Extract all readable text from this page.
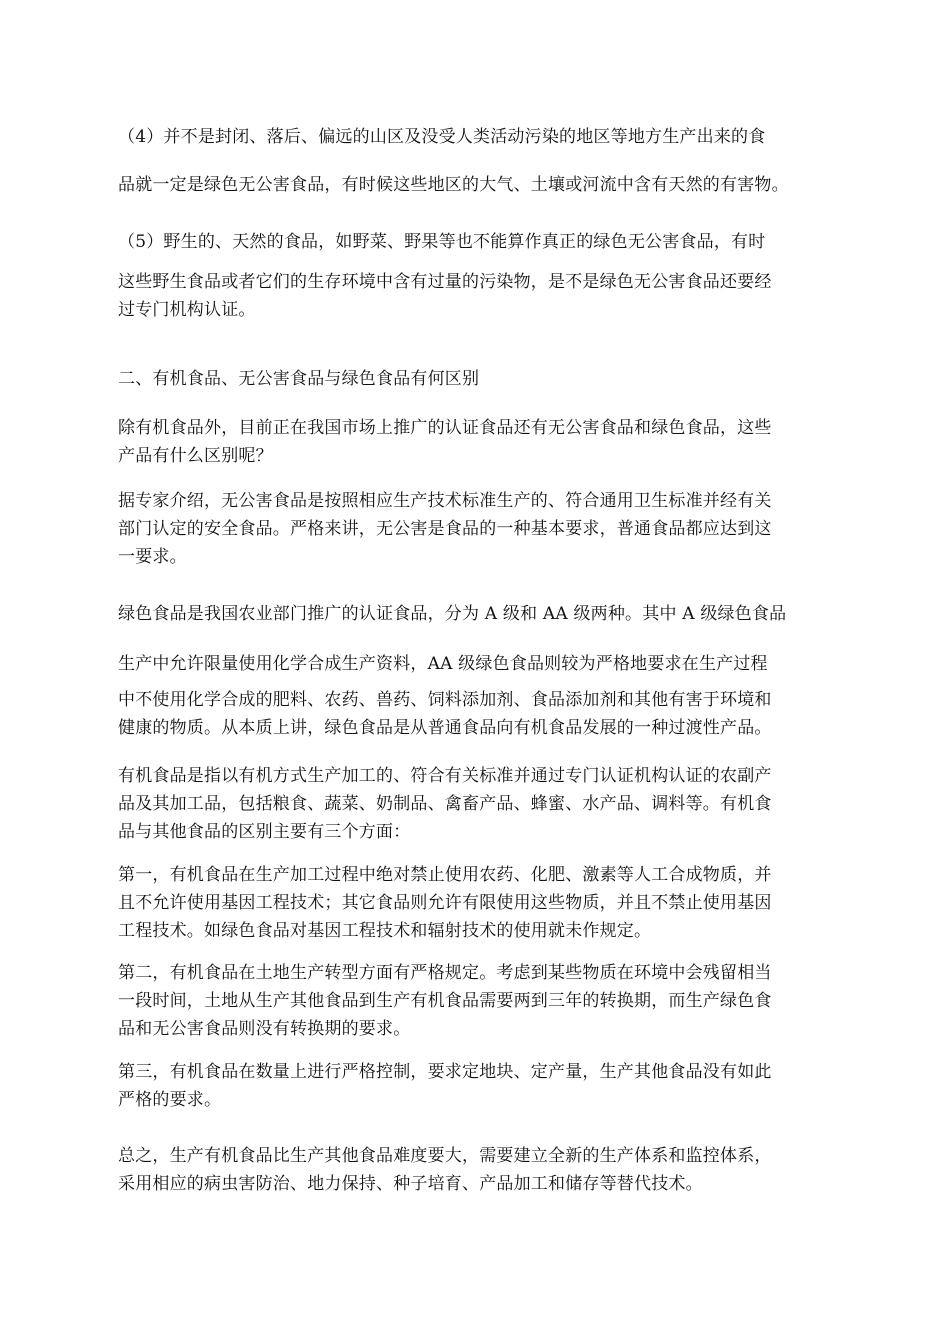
（4）并不是封闭、落后、偏远的山区及没受人类活动污染的地区等地方生产出来的食
品就一定是绿色无公害食品，有时候这些地区的大气、土壤或河流中含有天然的有害物。
（5）野生的、天然的食品，如野菜、野果等也不能算作真正的绿色无公害食品，有时
这些野生食品或者它们的生存环境中含有过量的污染物，是不是绿色无公害食品还要经
过专门机构认证。
二、有机食品、无公害食品与绿色食品有何区别
除有机食品外，目前正在我国市场上推广的认证食品还有无公害食品和绿色食品，这些
产品有什么区别呢？
据专家介绍，无公害食品是按照相应生产技术标准生产的、符合通用卫生标准并经有关
部门认定的安全食品。严格来讲，无公害是食品的一种基本要求，普通食品都应达到这
一要求。
绿色食品是我国农业部门推广的认证食品，分为 A 级和 AA 级两种。其中 A 级绿色食品
生产中允许限量使用化学合成生产资料，AA 级绿色食品则较为严格地要求在生产过程
中不使用化学合成的肥料、农药、兽药、饲料添加剂、食品添加剂和其他有害于环境和
健康的物质。从本质上讲，绿色食品是从普通食品向有机食品发展的一种过渡性产品。
有机食品是指以有机方式生产加工的、符合有关标准并通过专门认证机构认证的农副产
品及其加工品，包括粮食、蔬菜、奶制品、禽畜产品、蜂蜜、水产品、调料等。有机食
品与其他食品的区别主要有三个方面：
第一，有机食品在生产加工过程中绝对禁止使用农药、化肥、激素等人工合成物质，并
且不允许使用基因工程技术；其它食品则允许有限使用这些物质，并且不禁止使用基因
工程技术。如绿色食品对基因工程技术和辐射技术的使用就未作规定。
第二，有机食品在土地生产转型方面有严格规定。考虑到某些物质在环境中会残留相当
一段时间，土地从生产其他食品到生产有机食品需要两到三年的转换期，而生产绿色食
品和无公害食品则没有转换期的要求。
第三，有机食品在数量上进行严格控制，要求定地块、定产量，生产其他食品没有如此
严格的要求。
总之，生产有机食品比生产其他食品难度要大，需要建立全新的生产体系和监控体系，
采用相应的病虫害防治、地力保持、种子培育、产品加工和储存等替代技术。
